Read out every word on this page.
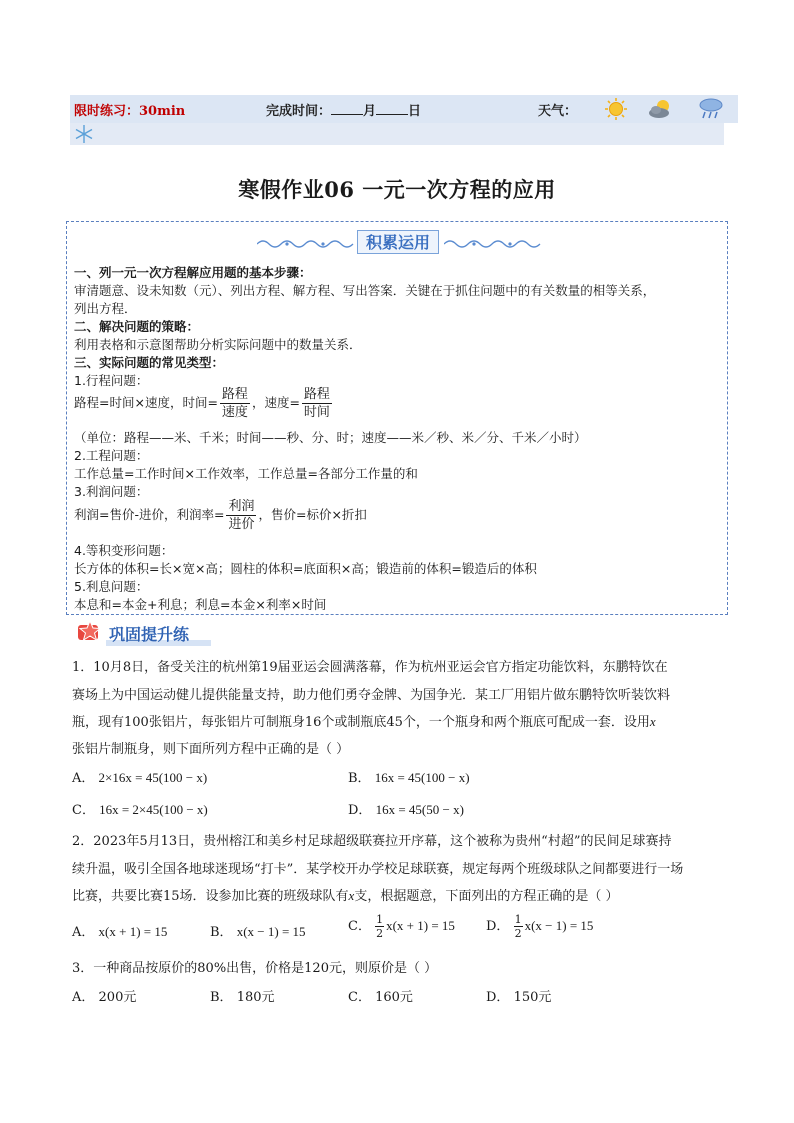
限时练习：30min	完成时间： 月 日	天气：
寒假作业06 一元一次方程的应用
积累运用
一、列一元一次方程解应用题的基本步骤：
审清题意、设未知数（元）、列出方程、解方程、写出答案．关键在于抓住问题中的有关数量的相等关系，
列出方程．
二、解决问题的策略：
利用表格和示意图帮助分析实际问题中的数量关系．
三、实际问题的常见类型：
1.行程问题：
路程=时间×速度，时间= $\frac{\text{路程}}{\text{速度}}$ ，速度= $\frac{\text{路程}}{\text{时间}}$
（单位：路程——米、千米；时间——秒、分、时；速度——米／秒、米／分、千米／小时）
2.工程问题：
工作总量=工作时间×工作效率，工作总量=各部分工作量的和
3.利润问题：
利润=售价-进价，利润率= $\frac{\text{利润}}{\text{进价}}$ ，售价=标价×折扣
4.等积变形问题：
长方体的体积=长×宽×高；圆柱的体积=底面积×高；锻造前的体积=锻造后的体积
5.利息问题：
本息和=本金+利息；利息=本金×利率×时间
巩固提升练
1．10月8日，备受关注的杭州第19届亚运会圆满落幕，作为杭州亚运会官方指定功能饮料，东鹏特饮在
赛场上为中国运动健儿提供能量支持，助力他们勇夺金牌、为国争光．某工厂用铝片做东鹏特饮听装饮料
瓶，现有100张铝片，每张铝片可制瓶身16个或制瓶底45个，一个瓶身和两个瓶底可配成一套．设用x
张铝片制瓶身，则下面所列方程中正确的是（ ）
A． 2×16x = 45(100 − x)	B． 16x = 45(100 − x)
C． 16x = 2×45(100 − x)	D． 16x = 45(50 − x)
2．2023年5月13日，贵州榕江和美乡村足球超级联赛拉开序幕，这个被称为贵州“村超”的民间足球赛持
续升温，吸引全国各地球迷现场“打卡”．某学校开办学校足球联赛，规定每两个班级球队之间都要进行一场
比赛，共要比赛15场．设参加比赛的班级球队有x支，根据题意，下面列出的方程正确的是（ ）
A． x(x + 1) = 15	B． x(x − 1) = 15	C． $\frac{1}{2} x(x + 1) = 15$ D． $\frac{1}{2} x(x - 1) = 15$
3．一种商品按原价的80%出售，价格是120元，则原价是（ ）
A． 200元	B． 180元	C． 160元	D． 150元
